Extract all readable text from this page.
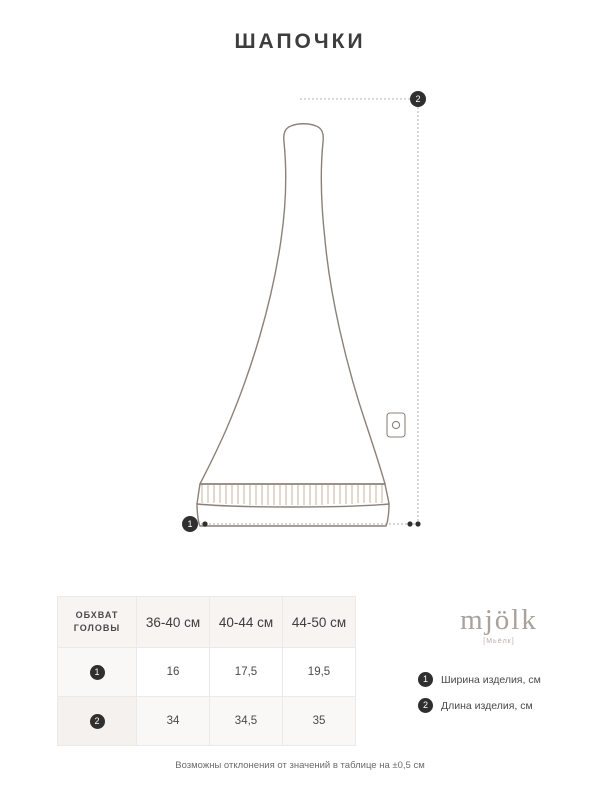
ШАПОЧКИ
1
2
ОБХВАТ
ГОЛОВЫ	36-40 см	40-44 см	44-50 см
1	16	17,5	19,5
2	34	34,5	35
mjölk
[Мьёлк]
1	Ширина изделия, см
2	Длина изделия, см
Возможны отклонения от значений в таблице на ±0,5 см
